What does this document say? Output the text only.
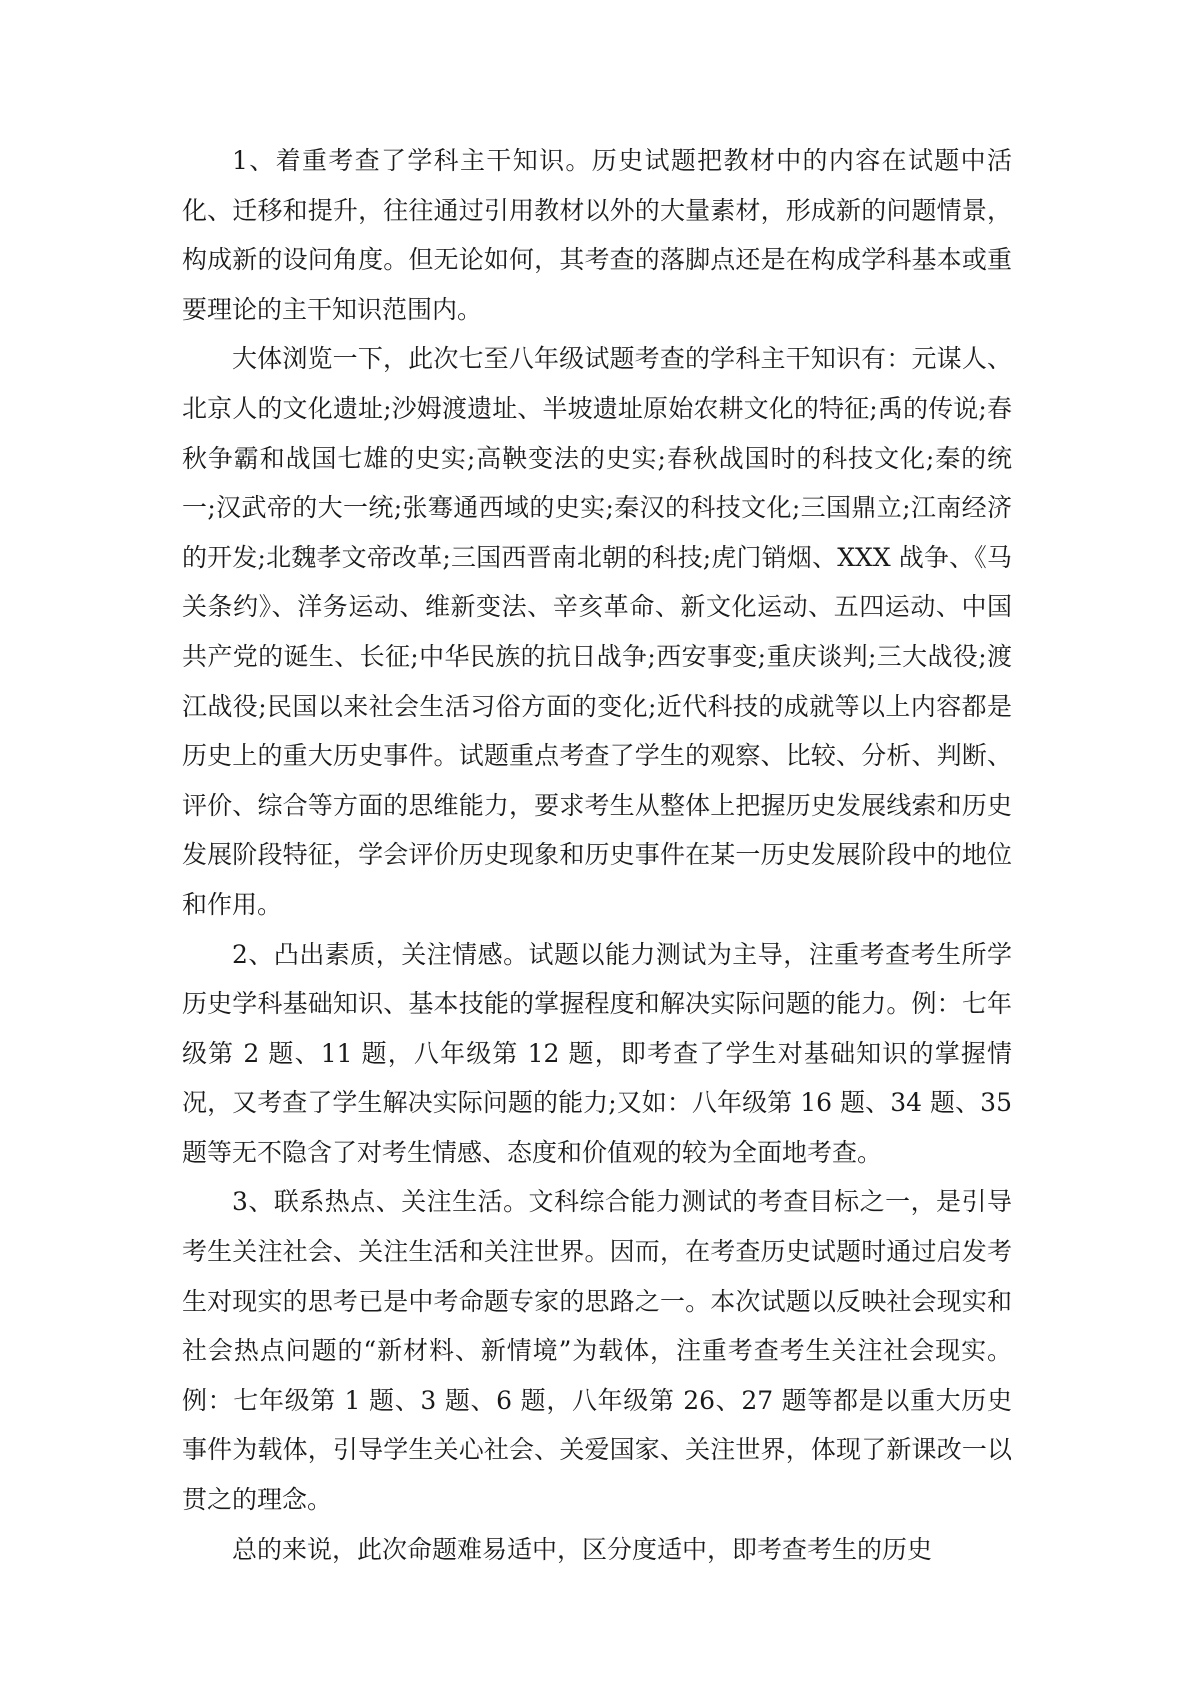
1、着重考查了学科主干知识。历史试题把教材中的内容在试题中活化、迁移和提升，往往通过引用教材以外的大量素材，形成新的问题情景，构成新的设问角度。但无论如何，其考查的落脚点还是在构成学科基本或重要理论的主干知识范围内。

大体浏览一下，此次七至八年级试题考查的学科主干知识有：元谋人、北京人的文化遗址;沙姆渡遗址、半坡遗址原始农耕文化的特征;禹的传说;春秋争霸和战国七雄的史实;高鞅变法的史实;春秋战国时的科技文化;秦的统一;汉武帝的大一统;张骞通西域的史实;秦汉的科技文化;三国鼎立;江南经济的开发;北魏孝文帝改革;三国西晋南北朝的科技;虎门销烟、XXX 战争、《马关条约》、洋务运动、维新变法、辛亥革命、新文化运动、五四运动、中国共产党的诞生、长征;中华民族的抗日战争;西安事变;重庆谈判;三大战役;渡江战役;民国以来社会生活习俗方面的变化;近代科技的成就等以上内容都是历史上的重大历史事件。试题重点考查了学生的观察、比较、分析、判断、评价、综合等方面的思维能力，要求考生从整体上把握历史发展线索和历史发展阶段特征，学会评价历史现象和历史事件在某一历史发展阶段中的地位和作用。

2、凸出素质，关注情感。试题以能力测试为主导，注重考查考生所学历史学科基础知识、基本技能的掌握程度和解决实际问题的能力。例：七年级第 2 题、11 题，八年级第 12 题，即考查了学生对基础知识的掌握情况，又考查了学生解决实际问题的能力;又如：八年级第 16 题、34 题、35 题等无不隐含了对考生情感、态度和价值观的较为全面地考查。

3、联系热点、关注生活。文科综合能力测试的考查目标之一，是引导考生关注社会、关注生活和关注世界。因而，在考查历史试题时通过启发考生对现实的思考已是中考命题专家的思路之一。本次试题以反映社会现实和社会热点问题的“新材料、新情境”为载体，注重考查考生关注社会现实。例：七年级第 1 题、3 题、6 题，八年级第 26、27 题等都是以重大历史事件为载体，引导学生关心社会、关爱国家、关注世界，体现了新课改一以贯之的理念。

总的来说，此次命题难易适中，区分度适中，即考查考生的历史
